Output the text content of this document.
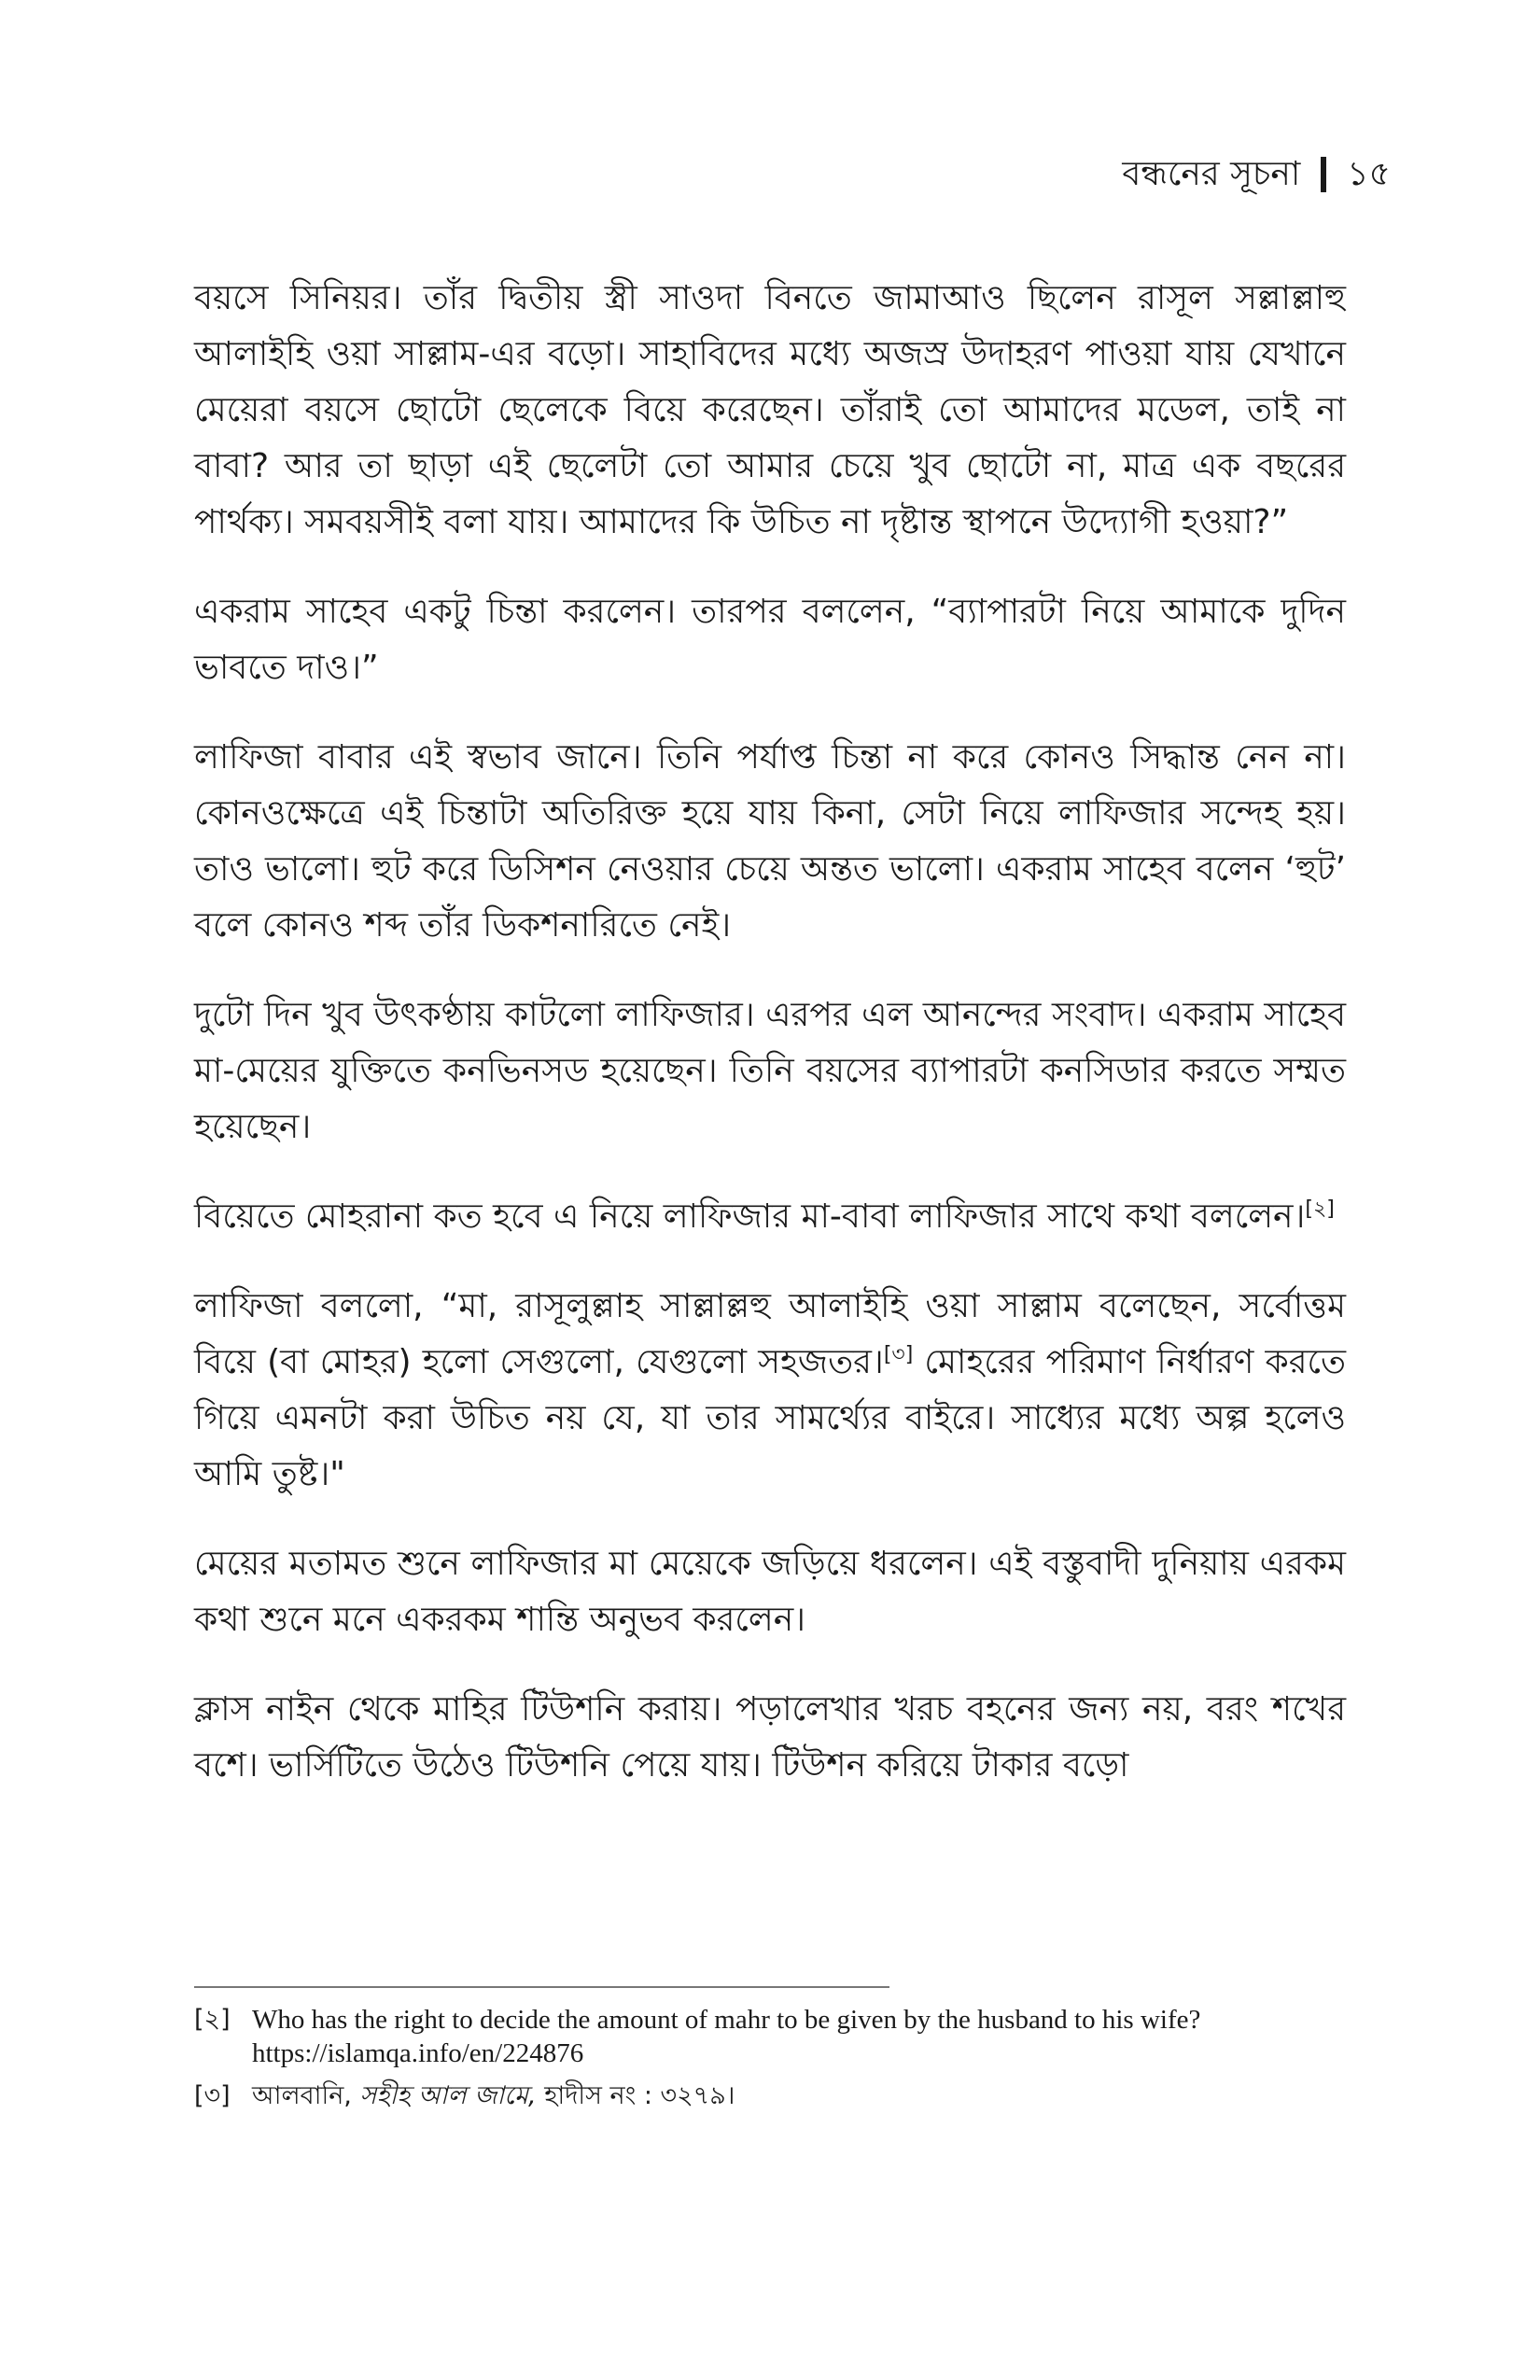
বন্ধনের সূচনা ১৫

বয়সে সিনিয়র। তাঁর দ্বিতীয় স্ত্রী সাওদা বিনতে জামাআও ছিলেন রাসূল সল্লাল্লাহু আলাইহি ওয়া সাল্লাম-এর বড়ো। সাহাবিদের মধ্যে অজস্র উদাহরণ পাওয়া যায় যেখানে মেয়েরা বয়সে ছোটো ছেলেকে বিয়ে করেছেন। তাঁরাই তো আমাদের মডেল, তাই না বাবা? আর তা ছাড়া এই ছেলেটা তো আমার চেয়ে খুব ছোটো না, মাত্র এক বছরের পার্থক্য। সমবয়সীই বলা যায়। আমাদের কি উচিত না দৃষ্টান্ত স্থাপনে উদ্যোগী হওয়া?”

একরাম সাহেব একটু চিন্তা করলেন। তারপর বললেন, “ব্যাপারটা নিয়ে আমাকে দুদিন ভাবতে দাও।”

লাফিজা বাবার এই স্বভাব জানে। তিনি পর্যাপ্ত চিন্তা না করে কোনও সিদ্ধান্ত নেন না। কোনওক্ষেত্রে এই চিন্তাটা অতিরিক্ত হয়ে যায় কিনা, সেটা নিয়ে লাফিজার সন্দেহ হয়। তাও ভালো। হুট করে ডিসিশন নেওয়ার চেয়ে অন্তত ভালো। একরাম সাহেব বলেন ‘হুট’ বলে কোনও শব্দ তাঁর ডিকশনারিতে নেই।

দুটো দিন খুব উৎকণ্ঠায় কাটলো লাফিজার। এরপর এল আনন্দের সংবাদ। একরাম সাহেব মা-মেয়ের যুক্তিতে কনভিনসড হয়েছেন। তিনি বয়সের ব্যাপারটা কনসিডার করতে সম্মত হয়েছেন।

বিয়েতে মোহরানা কত হবে এ নিয়ে লাফিজার মা-বাবা লাফিজার সাথে কথা বললেন।[২]

লাফিজা বললো, “মা, রাসূলুল্লাহ সাল্লাল্লহু আলাইহি ওয়া সাল্লাম বলেছেন, সর্বোত্তম বিয়ে (বা মোহর) হলো সেগুলো, যেগুলো সহজতর।[৩] মোহরের পরিমাণ নির্ধারণ করতে গিয়ে এমনটা করা উচিত নয় যে, যা তার সামর্থ্যের বাইরে। সাধ্যের মধ্যে অল্প হলেও আমি তুষ্ট।"

মেয়ের মতামত শুনে লাফিজার মা মেয়েকে জড়িয়ে ধরলেন। এই বস্তুবাদী দুনিয়ায় এরকম কথা শুনে মনে একরকম শান্তি অনুভব করলেন।

ক্লাস নাইন থেকে মাহির টিউশনি করায়। পড়ালেখার খরচ বহনের জন্য নয়, বরং শখের বশে। ভার্সিটিতে উঠেও টিউশনি পেয়ে যায়। টিউশন করিয়ে টাকার বড়ো

[২] Who has the right to decide the amount of mahr to be given by the husband to his wife?
https://islamqa.info/en/224876
[৩] আলবানি, সহীহ আল জামে, হাদীস নং : ৩২৭৯।
